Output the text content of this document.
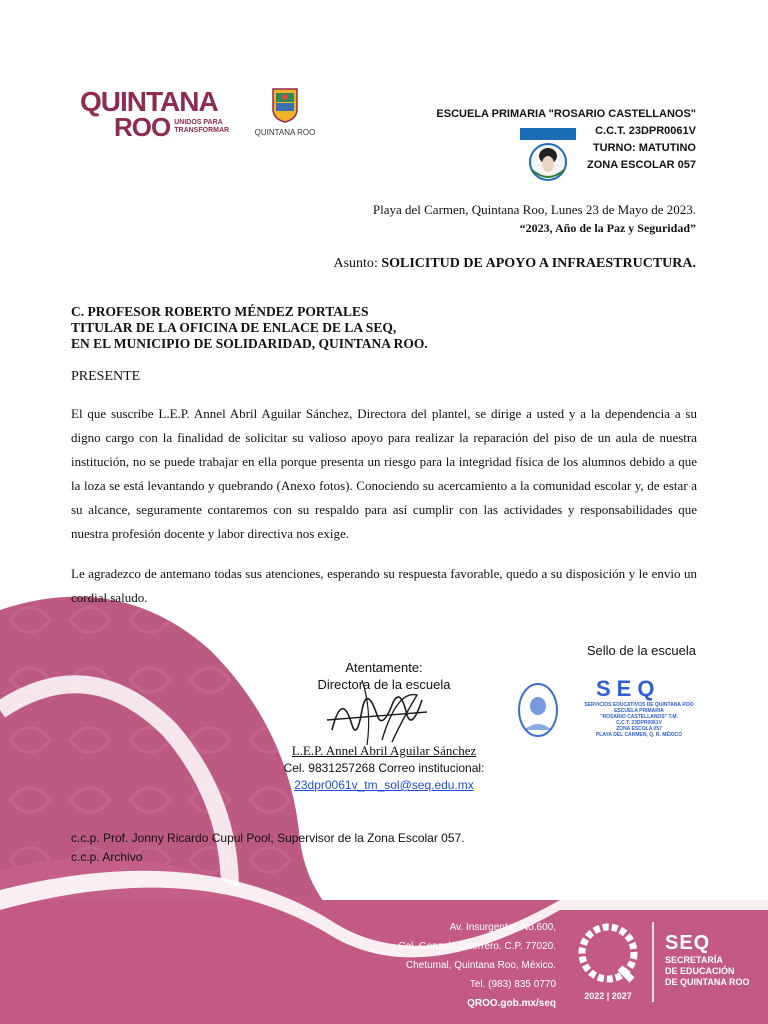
QUINTANA
ROO UNIDOS PARA
TRANSFORMAR	QUINTANA ROO
ESCUELA PRIMARIA "ROSARIO CASTELLANOS"
C.C.T. 23DPR0061V
TURNO: MATUTINO
ZONA ESCOLAR 057
Playa del Carmen, Quintana Roo, Lunes 23 de Mayo de 2023.
“2023, Año de la Paz y Seguridad”
Asunto: SOLICITUD DE APOYO A INFRAESTRUCTURA.
C. PROFESOR ROBERTO MÉNDEZ PORTALES
TITULAR DE LA OFICINA DE ENLACE DE LA SEQ,
EN EL MUNICIPIO DE SOLIDARIDAD, QUINTANA ROO.
PRESENTE
El que suscribe L.E.P. Annel Abril Aguilar Sánchez, Directora del plantel, se dirige a usted y a la dependencia a su digno cargo con la finalidad de solicitar su valioso apoyo para realizar la reparación del piso de un aula de nuestra institución, no se puede trabajar en ella porque presenta un riesgo para la integridad física de los alumnos debido a que la loza se está levantando y quebrando (Anexo fotos). Conociendo su acercamiento a la comunidad escolar y, de estar a su alcance, seguramente contaremos con su respaldo para así cumplir con las actividades y responsabilidades que nuestra profesión docente y labor directiva nos exige.
Le agradezco de antemano todas sus atenciones, esperando su respuesta favorable, quedo a su disposición y le envio un cordial saludo.
Sello de la escuela
Atentamente:
Directora de la escuela
L.E.P. Annel Abril Aguilar Sánchez
Cel. 9831257268 Correo institucional:
23dpr0061v_tm_sol@seq.edu.mx
SEQ
SERVICIOS EDUCATIVOS DE QUINTANA ROO
ESCUELA PRIMARIA
"ROSARIO CASTELLANOS" T.M.
C.C.T. 23DPR0061V
ZONA ESCOLA 057
PLAYA DEL CARMEN, Q. R. MÉXICO
c.c.p. Prof. Jonny Ricardo Cupul Pool, Supervisor de la Zona Escolar 057.
c.c.p. Archivo
Av. Insurgentes No.600,
Col. Gonzalo Guerrero. C.P. 77020.
Chetumal, Quintana Roo, México.
Tel. (983) 835 0770
QROO.gob.mx/seq
2022 | 2027
SEQ
SECRETARÍA
DE EDUCACIÓN
DE QUINTANA ROO
